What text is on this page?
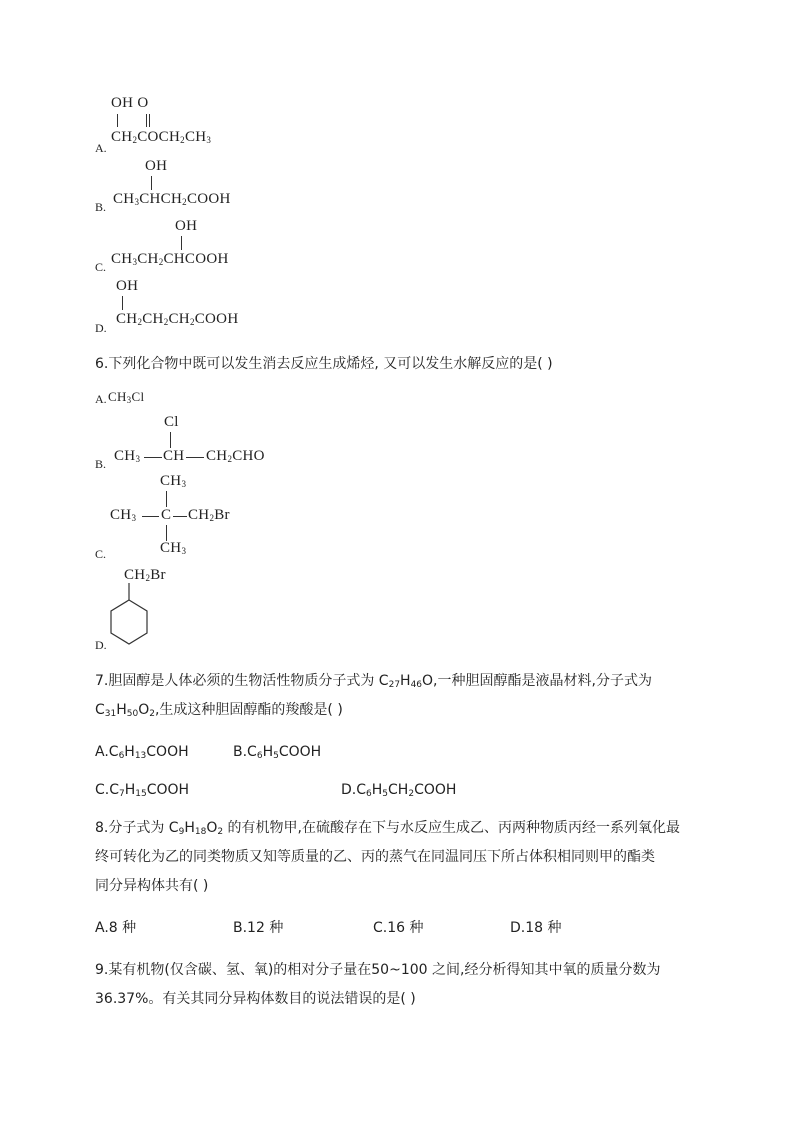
OH O
A.
$CH_2COCH_2CH_3$
OH
B. $CH_3CHCH_2COOH$
OH
C. $CH_3CH_2CHCOOH$
OH
D.
$CH_2CH_2CH_2COOH$
6.下列化合物中既可以发生消去反应生成烯烃, 又可以发生水解反应的是( )
A. $CH_3Cl$
Cl
B. $CH_3$ CH $CH_2CHO$
$CH_3$
$CH_3$ C $CH_2Br$
$CH_3$
C.
$CH_2Br$
D.
7.胆固醇是人体必须的生物活性物质分子式为 $C_{27}H_{46}O$,一种胆固醇酯是液晶材料,分子式为
$C_{31}H_{50}O_2$,生成这种胆固醇酯的羧酸是( )
$A.C_6H_{13}COOH$	$B.C_6H_5COOH$
$C.C_7H_{15}COOH$	$D.C_6H_5CH_2COOH$
8.分子式为 $C_9H_{18}O_2$ 的有机物甲,在硫酸存在下与水反应生成乙、丙两种物质丙经一系列氧化最
终可转化为乙的同类物质又知等质量的乙、丙的蒸气在同温同压下所占体积相同则甲的酯类
同分异构体共有( )
A.8 种	B.12 种	C.16 种	D.18 种
9.某有机物(仅含碳、氢、氧)的相对分子量在50~100 之间,经分析得知其中氧的质量分数为
36.37%。有关其同分异构体数目的说法错误的是( )
